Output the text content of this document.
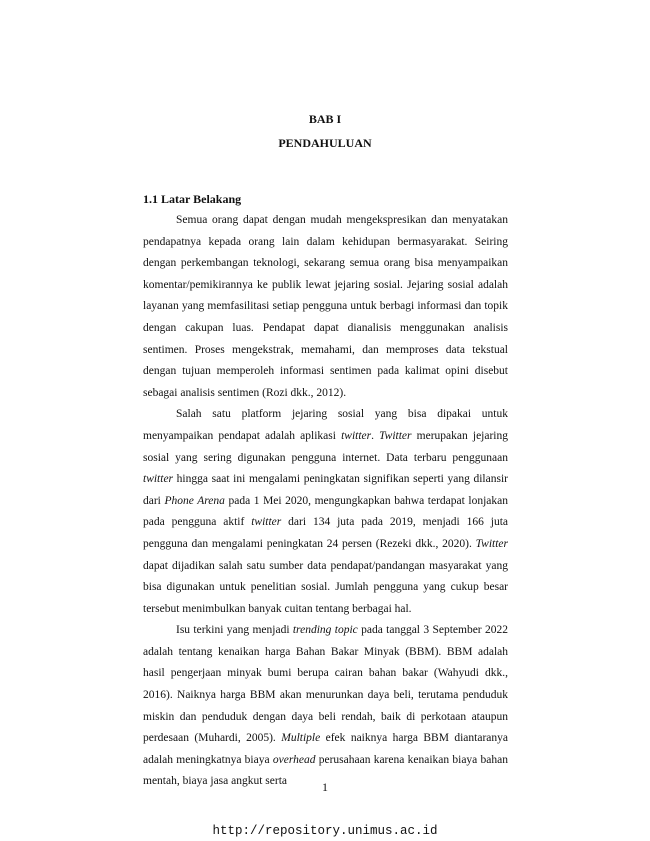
BAB I
PENDAHULUAN
1.1 Latar Belakang

Semua orang dapat dengan mudah mengekspresikan dan menyatakan pendapatnya kepada orang lain dalam kehidupan bermasyarakat. Seiring dengan perkembangan teknologi, sekarang semua orang bisa menyampaikan komentar/pemikirannya ke publik lewat jejaring sosial. Jejaring sosial adalah layanan yang memfasilitasi setiap pengguna untuk berbagi informasi dan topik dengan cakupan luas. Pendapat dapat dianalisis menggunakan analisis sentimen. Proses mengekstrak, memahami, dan memproses data tekstual dengan tujuan memperoleh informasi sentimen pada kalimat opini disebut sebagai analisis sentimen (Rozi dkk., 2012).

Salah satu platform jejaring sosial yang bisa dipakai untuk menyampaikan pendapat adalah aplikasi twitter. Twitter merupakan jejaring sosial yang sering digunakan pengguna internet. Data terbaru penggunaan twitter hingga saat ini mengalami peningkatan signifikan seperti yang dilansir dari Phone Arena pada 1 Mei 2020, mengungkapkan bahwa terdapat lonjakan pada pengguna aktif twitter dari 134 juta pada 2019, menjadi 166 juta pengguna dan mengalami peningkatan 24 persen (Rezeki dkk., 2020). Twitter dapat dijadikan salah satu sumber data pendapat/pandangan masyarakat yang bisa digunakan untuk penelitian sosial. Jumlah pengguna yang cukup besar tersebut menimbulkan banyak cuitan tentang berbagai hal.

Isu terkini yang menjadi trending topic pada tanggal 3 September 2022 adalah tentang kenaikan harga Bahan Bakar Minyak (BBM). BBM adalah hasil pengerjaan minyak bumi berupa cairan bahan bakar (Wahyudi dkk., 2016). Naiknya harga BBM akan menurunkan daya beli, terutama penduduk miskin dan penduduk dengan daya beli rendah, baik di perkotaan ataupun perdesaan (Muhardi, 2005). Multiple efek naiknya harga BBM diantaranya adalah meningkatnya biaya overhead perusahaan karena kenaikan biaya bahan mentah, biaya jasa angkut serta	1
http://repository.unimus.ac.id
